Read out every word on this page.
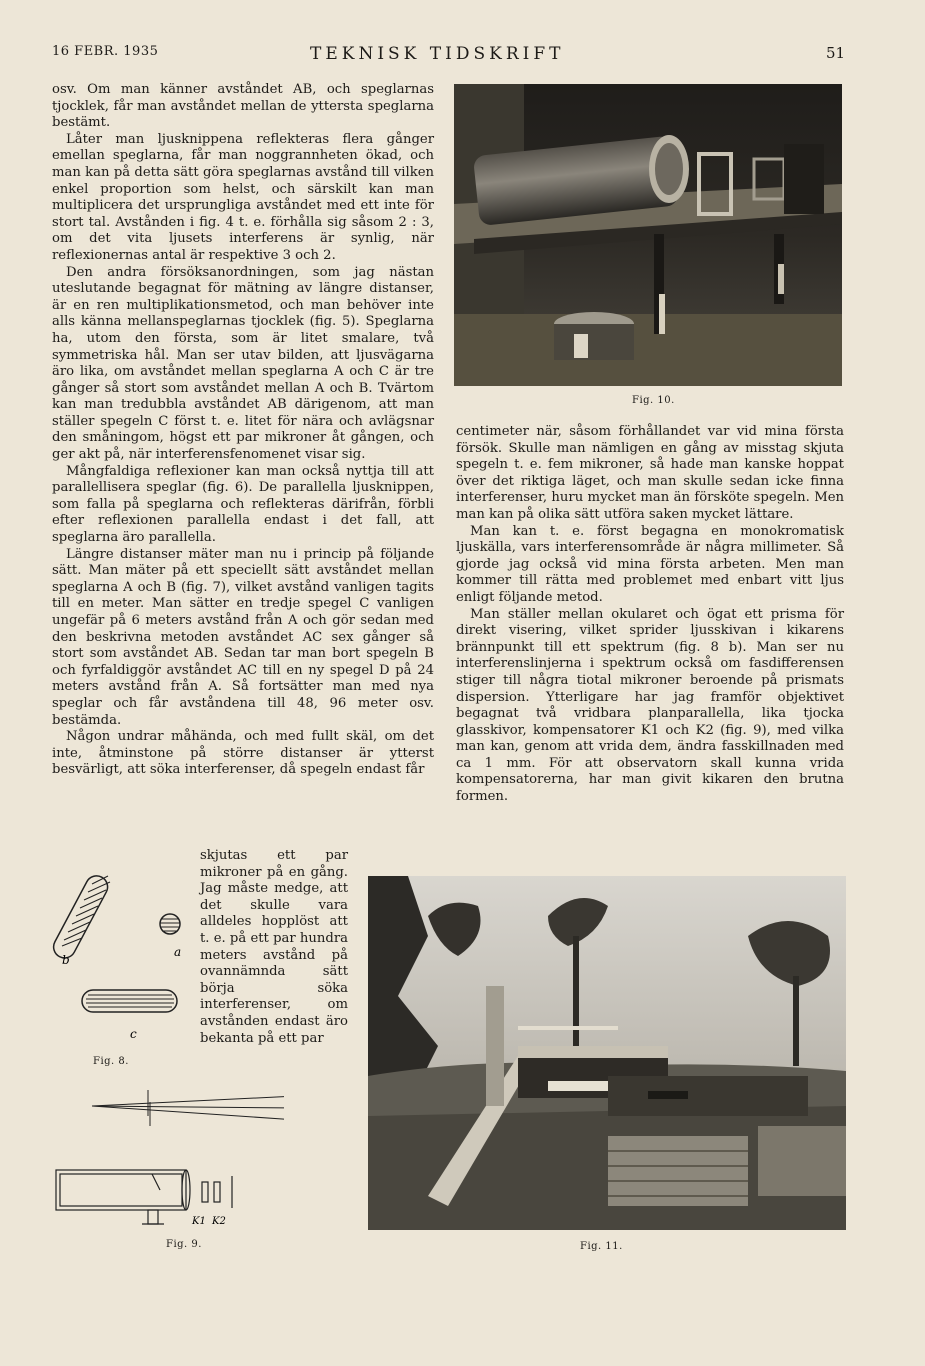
16 FEBR. 1935	TEKNISK TIDSKRIFT	51

osv. Om man känner avståndet AB, och speglarnas tjocklek, får man avståndet mellan de yttersta speglarna bestämt.

Låter man ljusknippena reflekteras flera gånger emellan speglarna, får man noggrannheten ökad, och man kan på detta sätt göra speglarnas avstånd till vilken enkel proportion som helst, och särskilt kan man multiplicera det ursprungliga avståndet med ett inte för stort tal. Avstånden i fig. 4 t. e. förhålla sig såsom 2 : 3, om det vita ljusets interferens är synlig, när reflexionernas antal är respektive 3 och 2.

Den andra försöksanordningen, som jag nästan uteslutande begagnat för mätning av längre distanser, är en ren multiplikationsmetod, och man behöver inte alls känna mellanspeglarnas tjocklek (fig. 5). Speglarna ha, utom den första, som är litet smalare, två symmetriska hål. Man ser utav bilden, att ljusvägarna äro lika, om avståndet mellan speglarna A och C är tre gånger så stort som avståndet mellan A och B. Tvärtom kan man tredubbla avståndet AB därigenom, att man ställer spegeln C först t. e. litet för nära och avlägsnar den småningom, högst ett par mikroner åt gången, och ger akt på, när interferensfenomenet visar sig.

Mångfaldiga reflexioner kan man också nyttja till att parallellisera speglar (fig. 6). De parallella ljusknippen, som falla på speglarna och reflekteras därifrån, förbli efter reflexionen parallella endast i det fall, att speglarna äro parallella.

Längre distanser mäter man nu i princip på följande sätt. Man mäter på ett speciellt sätt avståndet mellan speglarna A och B (fig. 7), vilket avstånd vanligen tagits till en meter. Man sätter en tredje spegel C vanligen ungefär på 6 meters avstånd från A och gör sedan med den beskrivna metoden avståndet AC sex gånger så stort som avståndet AB. Sedan tar man bort spegeln B och fyrfaldiggör avståndet AC till en ny spegel D på 24 meters avstånd från A. Så fortsätter man med nya speglar och får avståndena till 48, 96 meter osv. bestämda.

Någon undrar måhända, och med fullt skäl, om det inte, åtminstone på större distanser är ytterst besvärligt, att söka interferenser, då spegeln endast får

skjutas ett par mikroner på en gång. Jag måste medge, att det skulle vara alldeles hopplöst att t. e. på ett par hundra meters avstånd på ovannämnda sätt börja söka interferenser, om avstånden endast äro bekanta på ett par

Fig. 10.

centimeter när, såsom förhållandet var vid mina första försök. Skulle man nämligen en gång av misstag skjuta spegeln t. e. fem mikroner, så hade man kanske hoppat över det riktiga läget, och man skulle sedan icke finna interferenser, huru mycket man än försköte spegeln. Men man kan på olika sätt utföra saken mycket lättare.

Man kan t. e. först begagna en monokromatisk ljuskälla, vars interferensområde är några millimeter. Så gjorde jag också vid mina första arbeten. Men man kommer till rätta med problemet med enbart vitt ljus enligt följande metod.

Man ställer mellan okularet och ögat ett prisma för direkt visering, vilket sprider ljusskivan i kikarens brännpunkt till ett spektrum (fig. 8 b). Man ser nu interferenslinjerna i spektrum också om fasdifferensen stiger till några tiotal mikroner beroende på prismats dispersion. Ytterligare har jag framför objektivet begagnat två vridbara planparallella, lika tjocka glasskivor, kompensatorer K1 och K2 (fig. 9), med vilka man kan, genom att vrida dem, ändra fasskillnaden med ca 1 mm. För att observatorn skall kunna vrida kompensatorerna, har man givit kikaren den brutna formen.

b
a
c
Fig. 8.
K1 K2
Fig. 9.	Fig. 11.
